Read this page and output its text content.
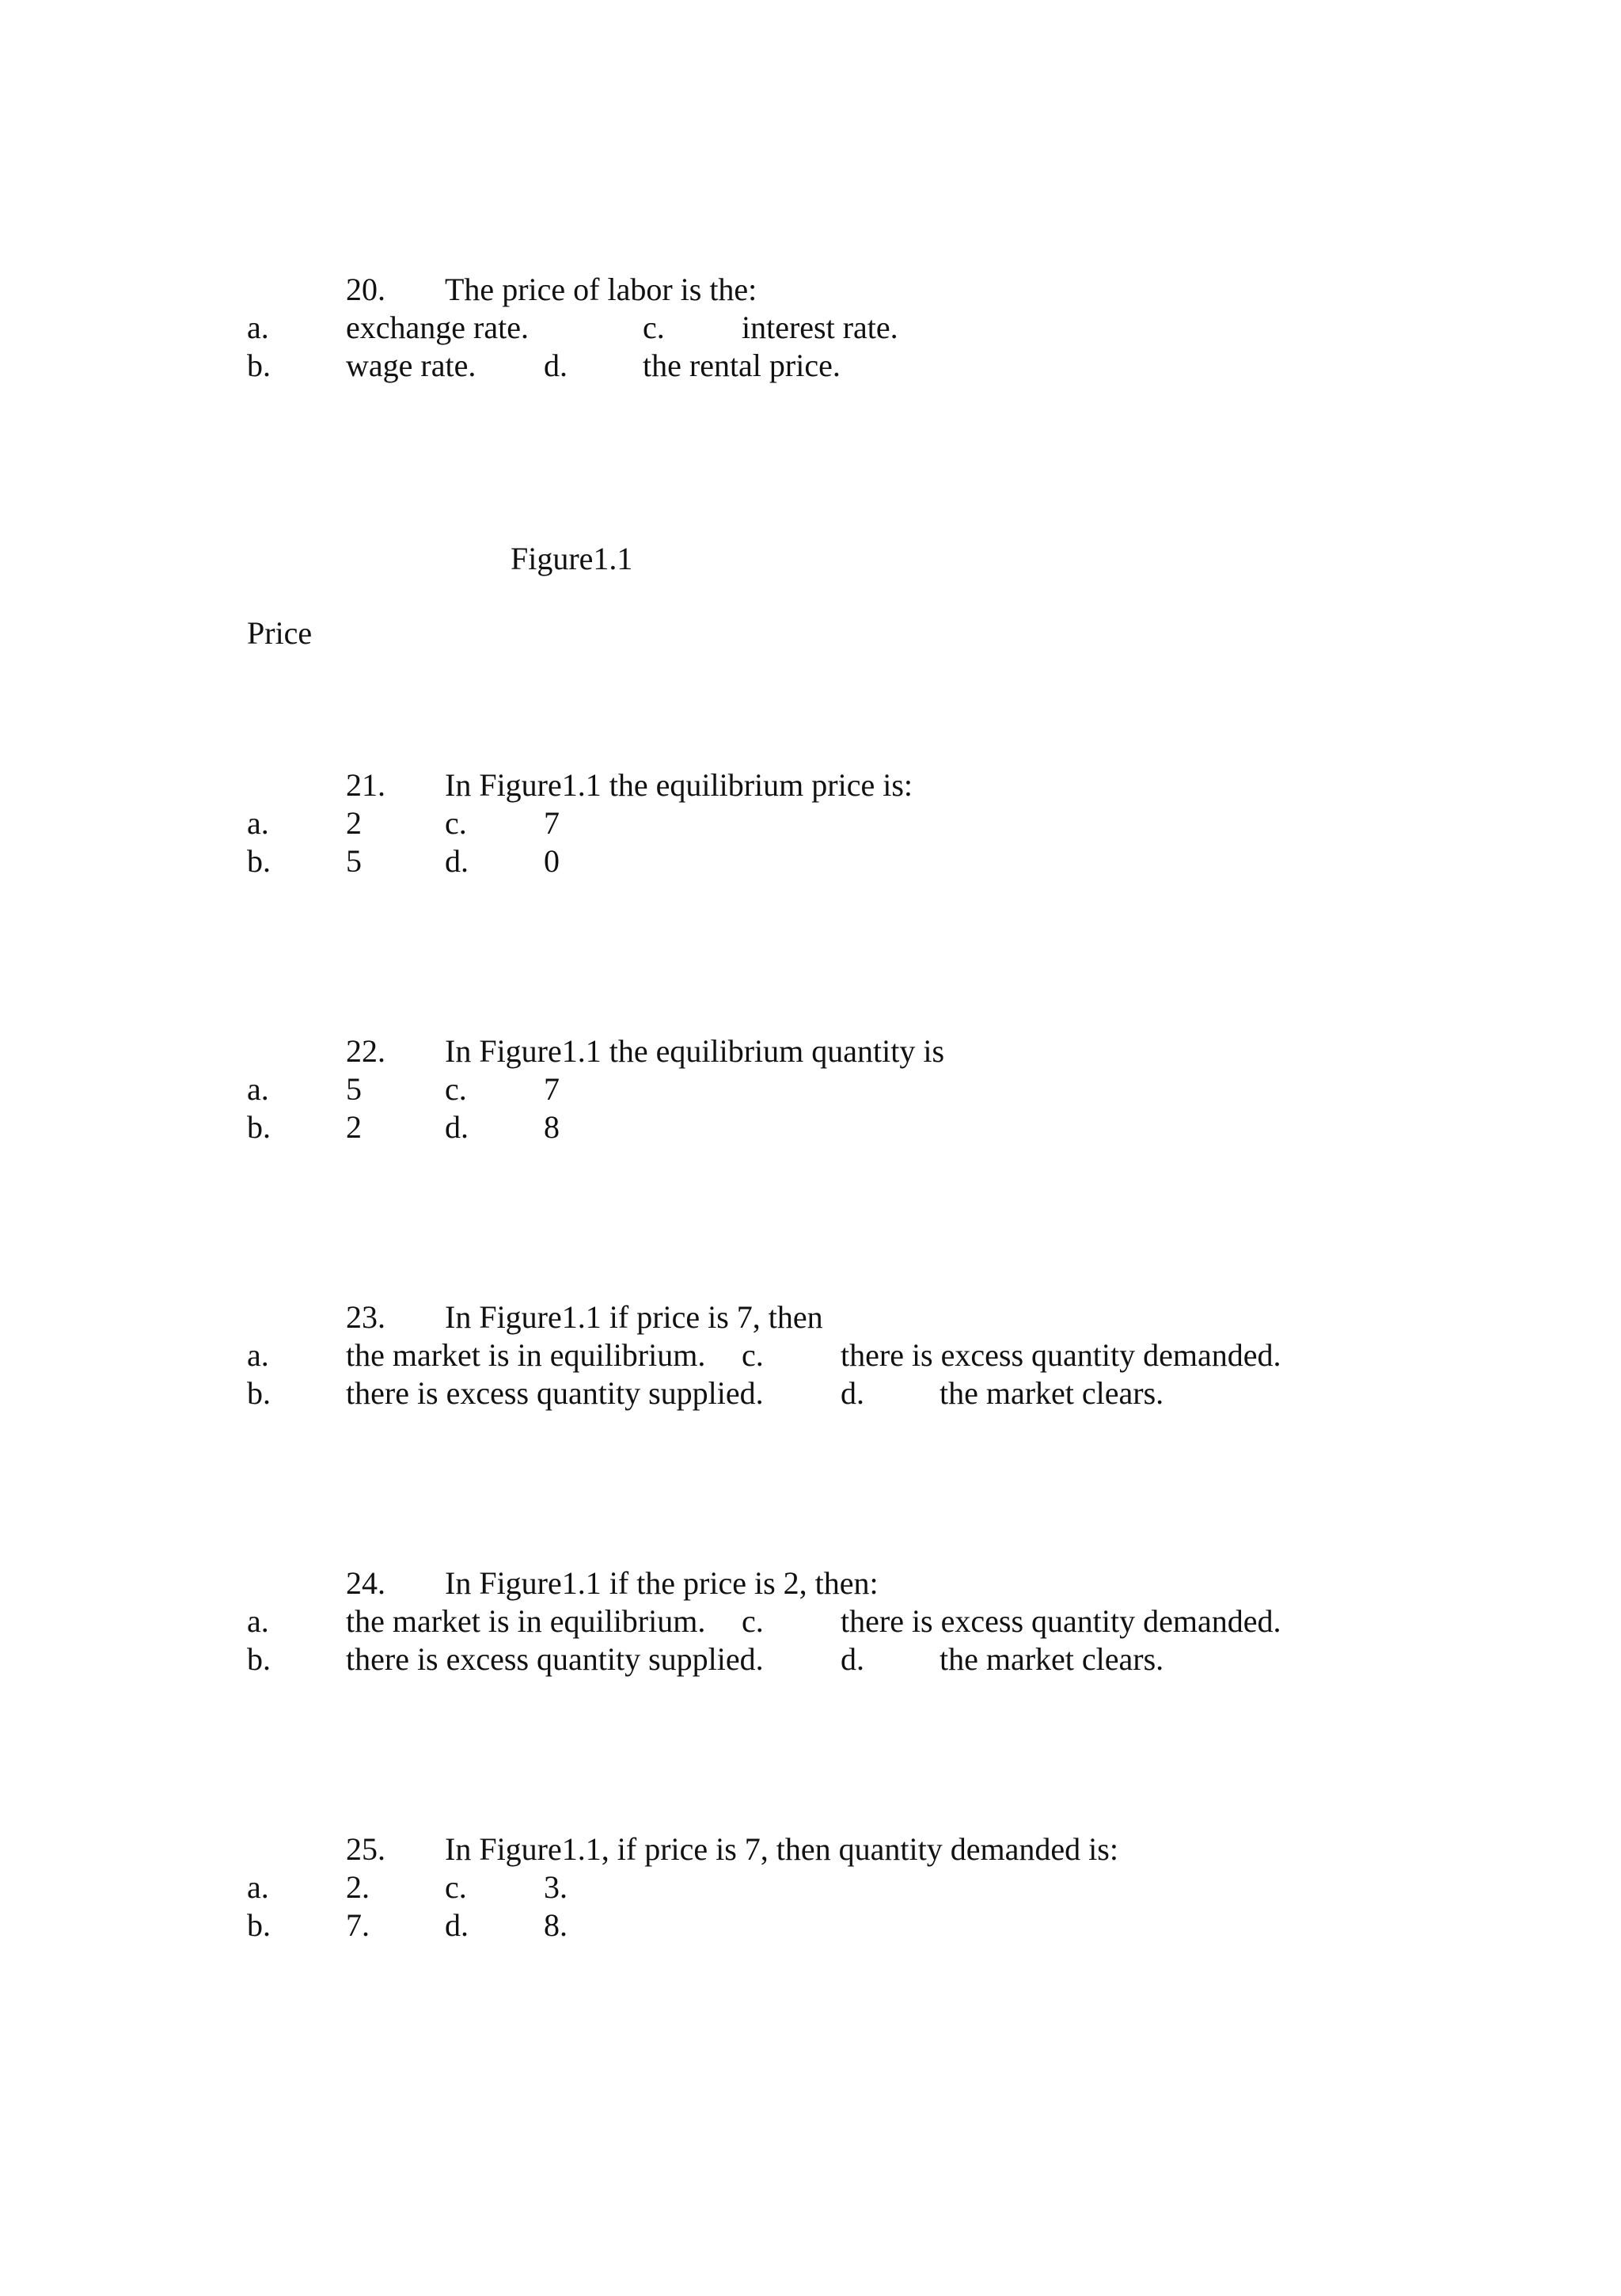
20. The price of labor is the:
a. exchange rate.	c. interest rate.
b. wage rate. d. the rental price.
Figure1.1
Price
21. In Figure1.1 the equilibrium price is:
a. 2	c. 7
b. 5	d. 0
22. In Figure1.1 the equilibrium quantity is
a. 5	c. 7
b. 2	d. 8
23. In Figure1.1 if price is 7, then
a. the market is in equilibrium. c. there is excess quantity demanded.
b. there is excess quantity supplied. d. the market clears.
24. In Figure1.1 if the price is 2, then:
a. the market is in equilibrium. c. there is excess quantity demanded.
b. there is excess quantity supplied. d. the market clears.
25. In Figure1.1, if price is 7, then quantity demanded is:
a. 2. c. 3.
b. 7. d. 8.
